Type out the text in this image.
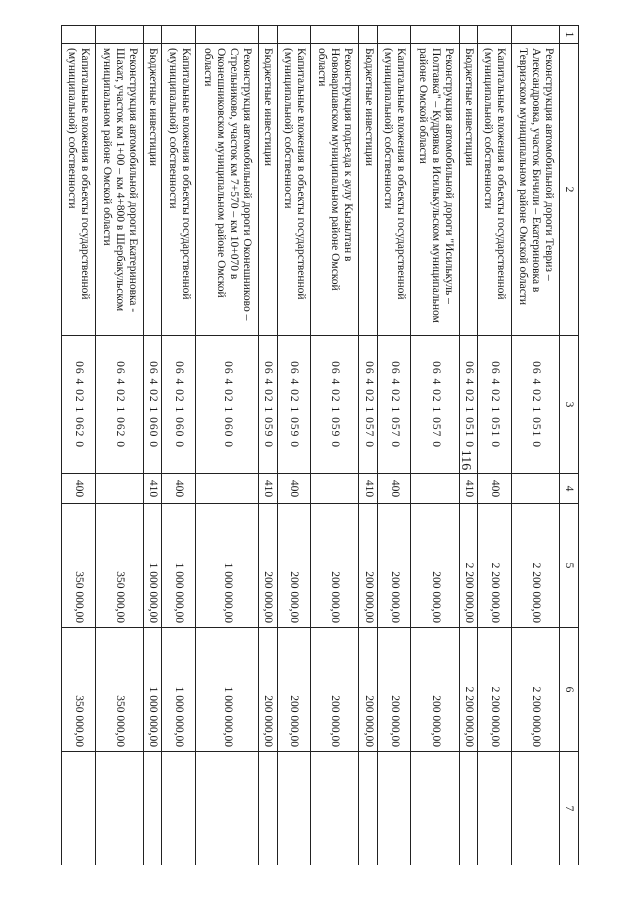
116
1	2	3	4	5	6	7
	Реконструкция автомобильной дороги Тевриз – Александровка, участок Бичили – Екатериновка в Тевризском муниципальном районе Омской области	06 4 02 1 051 0		2 200 000,00	2 200 000,00	
	Капитальные вложения в объекты государственной (муниципальной) собственности	06 4 02 1 051 0	400	2 200 000,00	2 200 000,00	
	Бюджетные инвестиции	06 4 02 1 051 0	410	2 200 000,00	2 200 000,00	
	Реконструкция автомобильной дороги "Исилькуль – Полтавка" – Кудрявка в Исилькульском муниципальном районе Омской области	06 4 02 1 057 0		200 000,00	200 000,00	
	Капитальные вложения в объекты государственной (муниципальной) собственности	06 4 02 1 057 0	400	200 000,00	200 000,00	
	Бюджетные инвестиции	06 4 02 1 057 0	410	200 000,00	200 000,00	
	Реконструкция подъезда к аулу Кызылтан в Нововаршавском муниципальном районе Омской области	06 4 02 1 059 0		200 000,00	200 000,00	
	Капитальные вложения в объекты государственной (муниципальной) собственности	06 4 02 1 059 0	400	200 000,00	200 000,00	
	Бюджетные инвестиции	06 4 02 1 059 0	410	200 000,00	200 000,00	
	Реконструкция автомобильной дороги Оконешниково – Стрельниково, участок км 7+570 – км 10+070 в Оконешниковском муниципальном районе Омской области	06 4 02 1 060 0		1 000 000,00	1 000 000,00	
	Капитальные вложения в объекты государственной (муниципальной) собственности	06 4 02 1 060 0	400	1 000 000,00	1 000 000,00	
	Бюджетные инвестиции	06 4 02 1 060 0	410	1 000 000,00	1 000 000,00	
	Реконструкция автомобильной дороги Екатериновка - Шахат, участок км 1+00 – км 4+800 в Шербакульском муниципальном районе Омской области	06 4 02 1 062 0		350 000,00	350 000,00	
	Капитальные вложения в объекты государственной (муниципальной) собственности	06 4 02 1 062 0	400	350 000,00	350 000,00	
